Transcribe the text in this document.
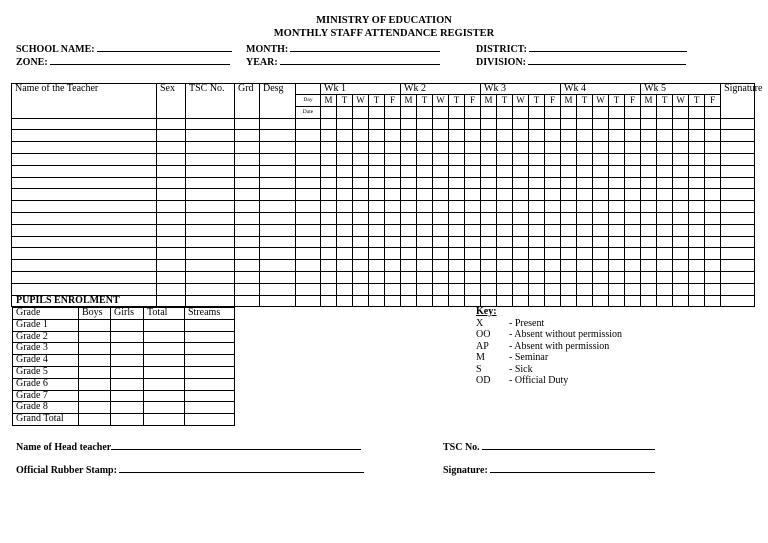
MINISTRY OF EDUCATION
MONTHLY STAFF ATTENDANCE REGISTER
SCHOOL NAME:	MONTH:	DISTRICT:
ZONE:	YEAR:	DIVISION:
Name of the Teacher	Sex	TSC No.	Grd	Desg		Wk 1					Wk 2					Wk 3					Wk 4					Wk 5					Signature
					Day	M	T	W	T	F	M	T	W	T	F	M	T	W	T	F	M	T	W	T	F	M	T	W	T	F	
					Date																										

PUPILS ENROLMENT
Grade	Boys	Girls	Total	Streams
Grade 1				
Grade 2				
Grade 3				
Grade 4				
Grade 5				
Grade 6				
Grade 7				
Grade 8				
Grand Total				
Key:
X	- Present
OO - Absent without permission
AP - Absent with permission
M - Seminar
S	- Sick
OD - Official Duty
Name of Head teacher	TSC No.
Official Rubber Stamp:	Signature:
